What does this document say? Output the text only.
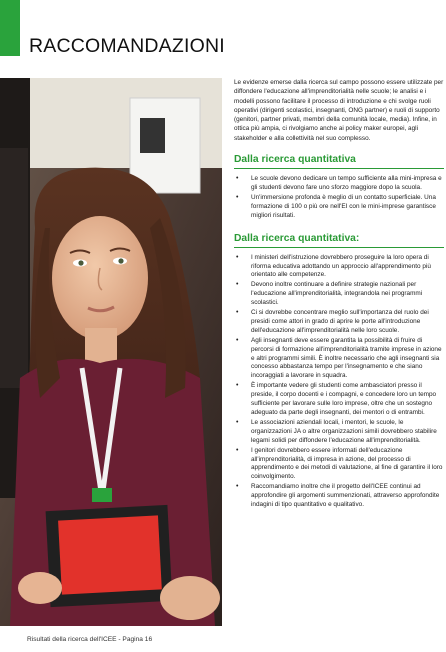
RACCOMANDAZIONI

Le evidenze emerse dalla ricerca sul campo possono essere utilizzate per diffondere l'educazione all'imprenditorialità nelle scuole; le analisi e i modelli possono facilitare il processo di introduzione e chi svolge ruoli operativi (dirigenti scolastici, insegnanti, ONG partner) e ruoli di supporto (genitori, partner privati, membri della comunità locale, media). Infine, in ottica più ampia, ci rivolgiamo anche ai policy maker europei, agli stakeholder e alla collettività nel suo complesso.

Dalla ricerca quantitativa
• Le scuole devono dedicare un tempo sufficiente alla mini-impresa e gli studenti devono fare uno sforzo maggiore dopo la scuola.
• Un'immersione profonda è meglio di un contatto superficiale. Una formazione di 100 o più ore nell'EI con le mini-imprese garantisce migliori risultati.
Dalla ricerca quantitativa:
• I ministeri dell'istruzione dovrebbero proseguire la loro opera di riforma educativa adottando un approccio all'apprendimento più orientato alle competenze.
• Devono inoltre continuare a definire strategie nazionali per l'educazione all'imprenditorialità, integrandola nei programmi scolastici.
• Ci si dovrebbe concentrare meglio sull'importanza del ruolo dei presidi come attori in grado di aprire le porte all'introduzione dell'educazione all'imprenditorialità nelle loro scuole.
• Agli insegnanti deve essere garantita la possibilità di fruire di percorsi di formazione all'imprenditorialità tramite imprese in azione e altri programmi simili. È inoltre necessario che agli insegnanti sia concesso abbastanza tempo per l'insegnamento e che siano incoraggiati a lavorare in squadra.
• È importante vedere gli studenti come ambasciatori presso il preside, il corpo docenti e i compagni, e concedere loro un tempo sufficiente per lavorare sulle loro imprese, oltre che un sostegno adeguato da parte degli insegnanti, dei mentori o di entrambi.
• Le associazioni aziendali locali, i mentori, le scuole, le organizzazioni JA o altre organizzazioni simili dovrebbero stabilire legami solidi per diffondere l'educazione all'imprenditorialità.
• I genitori dovrebbero essere informati dell'educazione all'imprenditorialità, di impresa in azione, del processo di apprendimento e dei metodi di valutazione, al fine di garantire il loro coinvolgimento.
• Raccomandiamo inoltre che il progetto dell'ICEE continui ad approfondire gli argomenti summenzionati, attraverso approfondite indagini di tipo quantitativo e qualitativo.
Risultati della ricerca dell'ICEE - Pagina 16
